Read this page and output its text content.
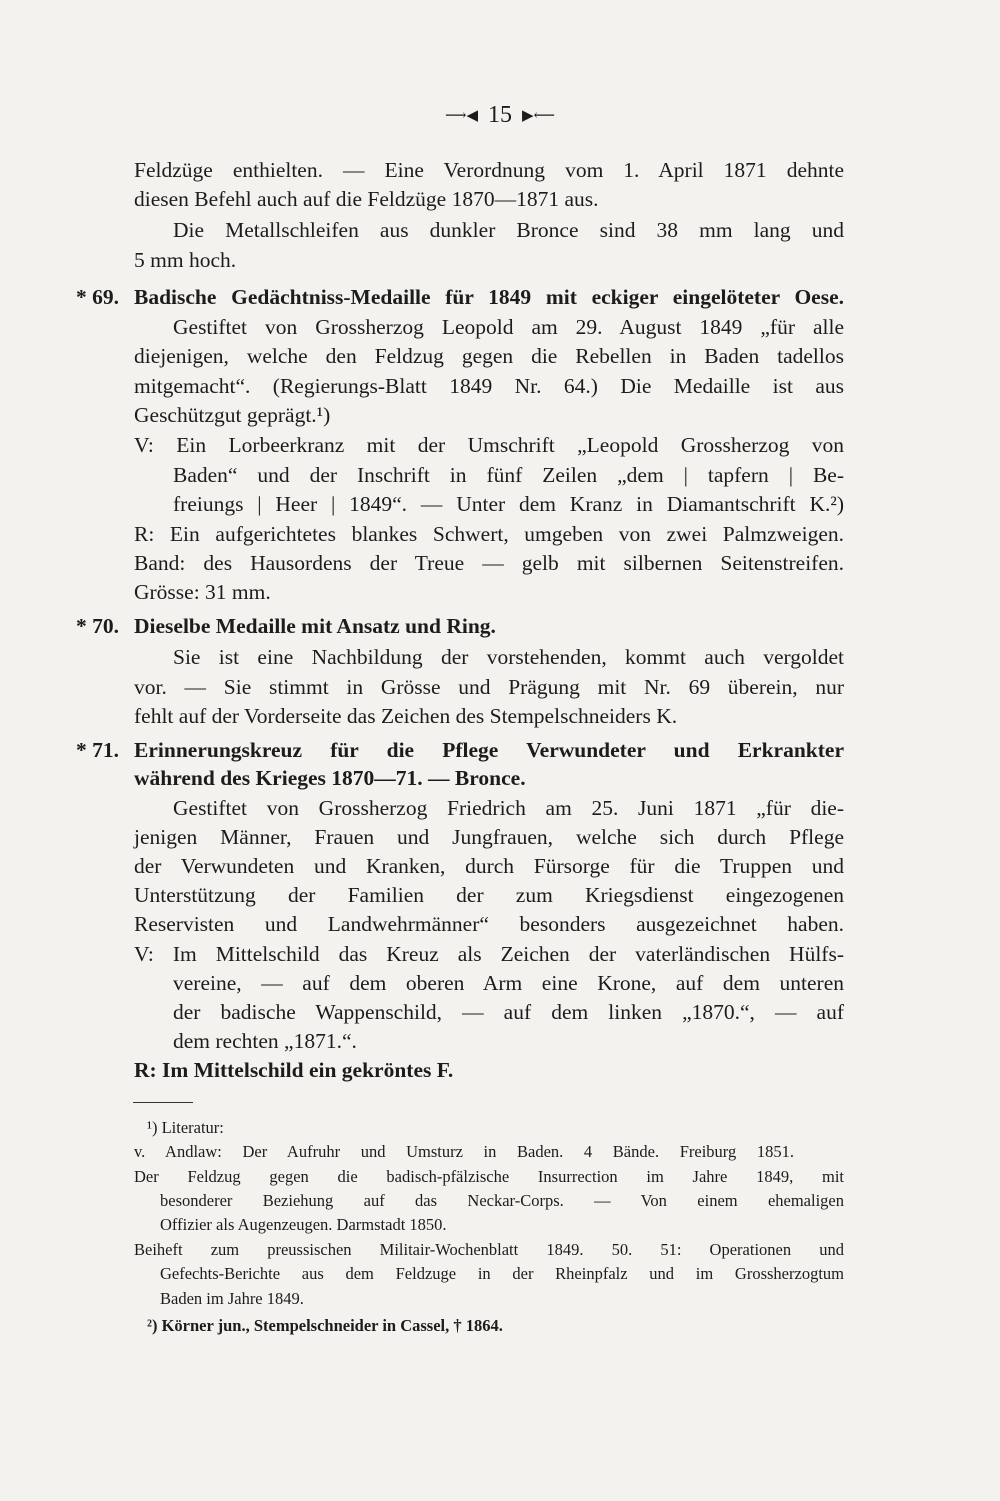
⟶◀ 15 ▶⟵
Feldzüge enthielten. — Eine Verordnung vom 1. April 1871 dehnte
diesen Befehl auch auf die Feldzüge 1870—1871 aus.
Die Metallschleifen aus dunkler Bronce sind 38 mm lang und
5 mm hoch.
* 69. Badische Gedächtniss-Medaille für 1849 mit eckiger eingelöteter Oese.
Gestiftet von Grossherzog Leopold am 29. August 1849 „für alle
diejenigen, welche den Feldzug gegen die Rebellen in Baden tadellos
mitgemacht“. (Regierungs-Blatt 1849 Nr. 64.) Die Medaille ist aus
Geschützgut geprägt.¹)
V: Ein Lorbeerkranz mit der Umschrift „Leopold Grossherzog von
Baden“ und der Inschrift in fünf Zeilen „dem | tapfern | Be-
freiungs | Heer | 1849“. — Unter dem Kranz in Diamantschrift K.²)
R: Ein aufgerichtetes blankes Schwert, umgeben von zwei Palmzweigen.
Band: des Hausordens der Treue — gelb mit silbernen Seitenstreifen.
Grösse: 31 mm.
* 70. Dieselbe Medaille mit Ansatz und Ring.
Sie ist eine Nachbildung der vorstehenden, kommt auch vergoldet
vor. — Sie stimmt in Grösse und Prägung mit Nr. 69 überein, nur
fehlt auf der Vorderseite das Zeichen des Stempelschneiders K.
* 71. Erinnerungskreuz für die Pflege Verwundeter und Erkrankter
während des Krieges 1870—71. — Bronce.
Gestiftet von Grossherzog Friedrich am 25. Juni 1871 „für die-
jenigen Männer, Frauen und Jungfrauen, welche sich durch Pflege
der Verwundeten und Kranken, durch Fürsorge für die Truppen und
Unterstützung der Familien der zum Kriegsdienst eingezogenen
Reservisten und Landwehrmänner“ besonders ausgezeichnet haben.
V: Im Mittelschild das Kreuz als Zeichen der vaterländischen Hülfs-
vereine, — auf dem oberen Arm eine Krone, auf dem unteren
der badische Wappenschild, — auf dem linken „1870.“, — auf
dem rechten „1871.“.
R: Im Mittelschild ein gekröntes F.
¹) Literatur:
v. Andlaw: Der Aufruhr und Umsturz in Baden. 4 Bände. Freiburg 1851.
Der Feldzug gegen die badisch-pfälzische Insurrection im Jahre 1849, mit
besonderer Beziehung auf das Neckar-Corps. — Von einem ehemaligen
Offizier als Augenzeugen. Darmstadt 1850.
Beiheft zum preussischen Militair-Wochenblatt 1849. 50. 51: Operationen und
Gefechts-Berichte aus dem Feldzuge in der Rheinpfalz und im Grossherzogtum
Baden im Jahre 1849.
²) Körner jun., Stempelschneider in Cassel, † 1864.
